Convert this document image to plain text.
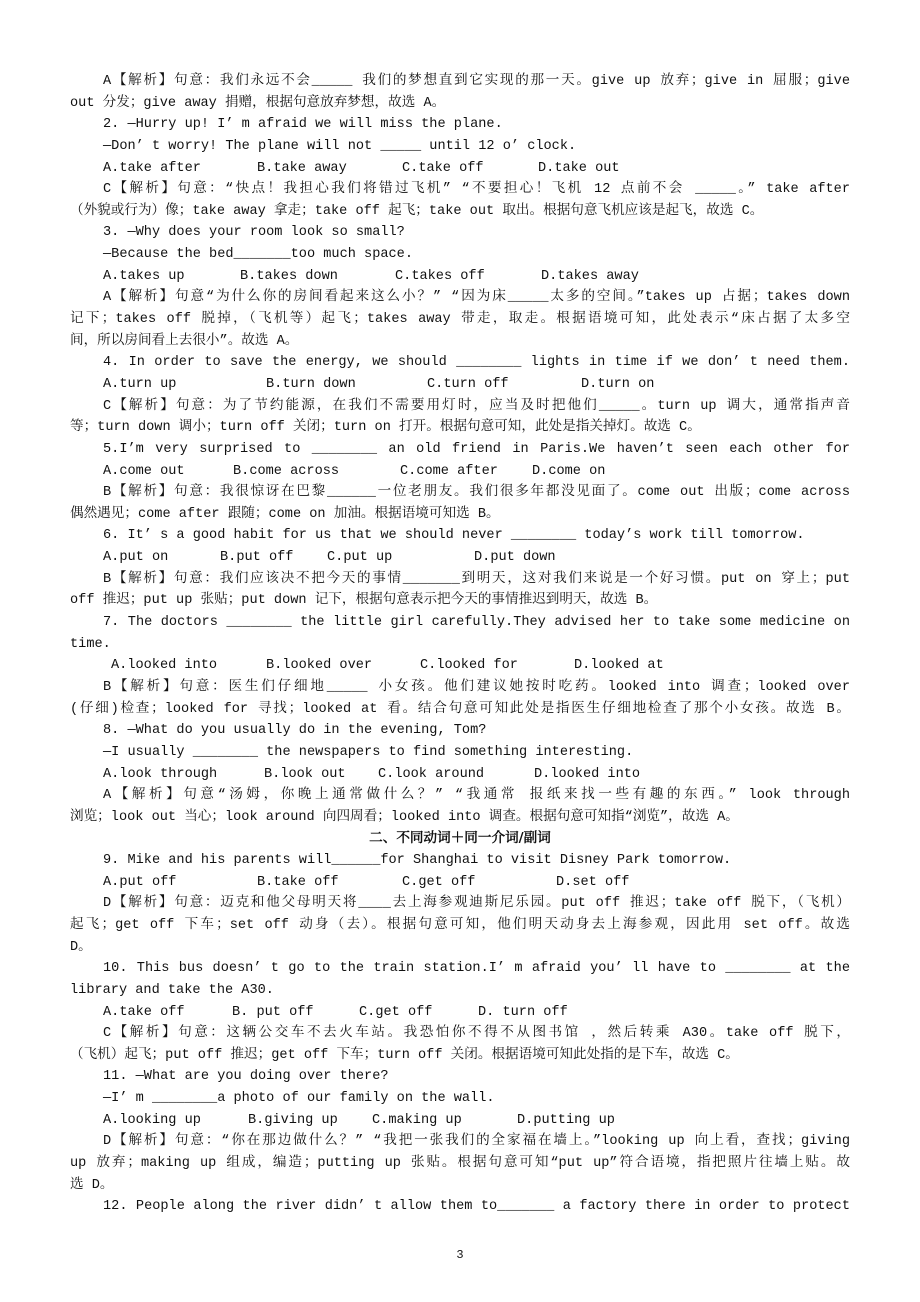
A【解析】句意：我们永远不会_____ 我们的梦想直到它实现的那一天。give up 放弃；give in 屈服；give
out 分发；give away 捐赠，根据句意放弃梦想，故选 A。
2. —Hurry up! I’ m afraid we will miss the plane.
—Don’ t worry! The plane will not _____ until 12 o’ clock.
A.take after	B.take away	C.take off	D.take out
C【解析】句意：“快点！我担心我们将错过飞机” “不要担心！飞机 12 点前不会 _____。” take after
（外貌或行为）像；take away 拿走；take off 起飞；take out 取出。根据句意飞机应该是起飞，故选 C。
3. —Why does your room look so small?
—Because the bed_______too much space.
A.takes up	B.takes down	C.takes off	D.takes away
A【解析】句意“为什么你的房间看起来这么小？” “因为床_____太多的空间。”takes up 占据；takes down
记下；takes off 脱掉，（飞机等）起飞；takes away 带走，取走。根据语境可知，此处表示“床占据了太多空
间，所以房间看上去很小”。故选 A。
4. In order to save the energy, we should ________ lights in time if we don’ t need them.
A.turn up	B.turn down	C.turn off	D.turn on
C【解析】句意：为了节约能源，在我们不需要用灯时，应当及时把他们_____。turn up 调大，通常指声音
等；turn down 调小；turn off 关闭；turn on 打开。根据句意可知，此处是指关掉灯。故选 C。
5.I’m very surprised to ________ an old friend in Paris.We haven’t seen each other for
A.come out	B.come across	C.come after	D.come on
B【解析】句意：我很惊讶在巴黎______一位老朋友。我们很多年都没见面了。come out 出版；come across
偶然遇见；come after 跟随；come on 加油。根据语境可知选 B。
6. It’ s a good habit for us that we should never ________ today’s work till tomorrow.
A.put on	B.put off C.put up	D.put down
B【解析】句意：我们应该决不把今天的事情_______到明天，这对我们来说是一个好习惯。put on 穿上；put
off 推迟；put up 张贴；put down 记下，根据句意表示把今天的事情推迟到明天，故选 B。
7. The doctors ________ the little girl carefully.They advised her to take some medicine on
time.
A.looked into	B.looked over	C.looked for	D.looked at
B【解析】句意：医生们仔细地_____ 小女孩。他们建议她按时吃药。looked into 调查；looked over
(仔细)检查；looked for 寻找；looked at 看。结合句意可知此处是指医生仔细地检查了那个小女孩。故选 B。
8. —What do you usually do in the evening, Tom?
—I usually ________ the newspapers to find something interesting.
A.look through	B.look out C.look around	D.looked into
A【解析】句意“汤姆，你晚上通常做什么？” “我通常 报纸来找一些有趣的东西。” look through
浏览；look out 当心；look around 向四周看；looked into 调查。根据句意可知指“浏览”，故选 A。
二、不同动词＋同一介词/副词
9. Mike and his parents will______for Shanghai to visit Disney Park tomorrow.
A.put off	B.take off	C.get off	D.set off
D【解析】句意：迈克和他父母明天将____去上海参观迪斯尼乐园。put off 推迟；take off 脱下，（飞机）
起飞；get off 下车；set off 动身（去）。根据句意可知，他们明天动身去上海参观，因此用 set off。故选
D。
10. This bus doesn’ t go to the train station.I’ m afraid you’ ll have to ________ at the
library and take the A30.
A.take off	B. put off	C.get off	D. turn off
C【解析】句意：这辆公交车不去火车站。我恐怕你不得不从图书馆 ，然后转乘 A30。take off 脱下，
（飞机）起飞；put off 推迟；get off 下车；turn off 关闭。根据语境可知此处指的是下车，故选 C。
11. —What are you doing over there?
—I’ m ________a photo of our family on the wall.
A.looking up	B.giving up	C.making up	D.putting up
D【解析】句意：“你在那边做什么？” “我把一张我们的全家福在墙上。”looking up 向上看，查找；giving
up 放弃；making up 组成，编造；putting up 张贴。根据句意可知“put up”符合语境，指把照片往墙上贴。故
选 D。
12. People along the river didn’ t allow them to_______ a factory there in order to protect
3
